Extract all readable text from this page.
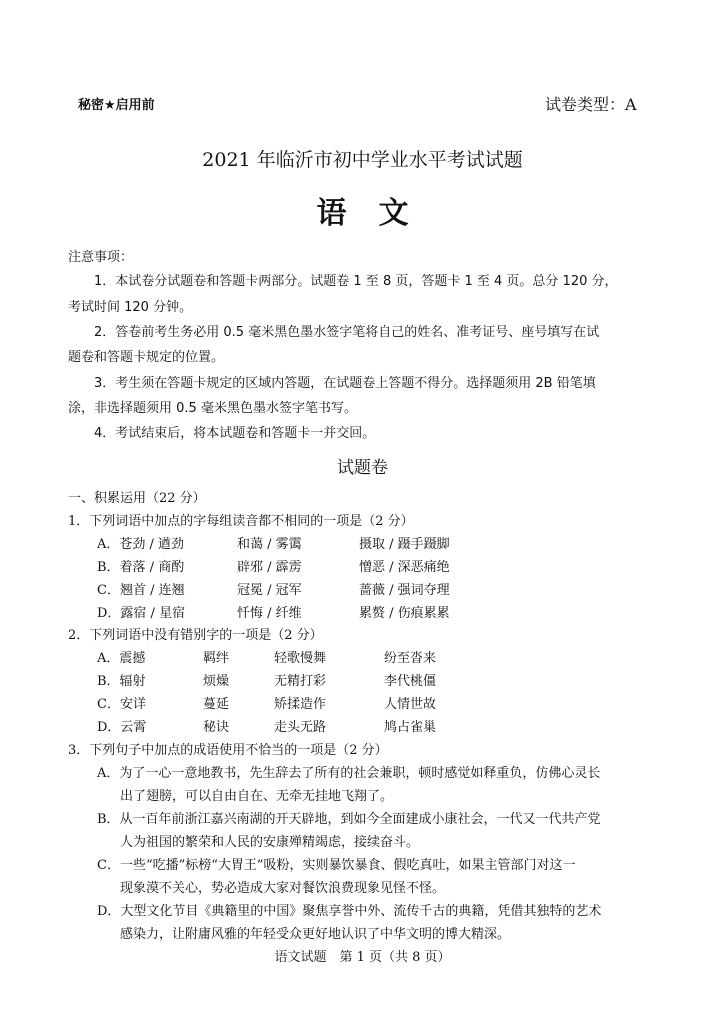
秘密★启用前	试卷类型：A
2021 年临沂市初中学业水平考试试题
语文
注意事项：
1．本试卷分试题卷和答题卡两部分。试题卷 1 至 8 页，答题卡 1 至 4 页。总分 120 分，
考试时间 120 分钟。
2．答卷前考生务必用 0.5 毫米黑色墨水签字笔将自己的姓名、准考证号、座号填写在试
题卷和答题卡规定的位置。
3．考生须在答题卡规定的区域内答题，在试题卷上答题不得分。选择题须用 2B 铅笔填
涂，非选择题须用 0.5 毫米黑色墨水签字笔书写。
4．考试结束后，将本试题卷和答题卡一并交回。
试题卷
一、积累运用（22 分）
1．下列词语中加点的字每组读音都不相同的一项是（2 分）
A．苍劲 / 遒劲	和蔼 / 雾霭	摄取 / 蹑手蹑脚
B．着落 / 商酌	辟邪 / 霹雳	憎恶 / 深恶痛绝
C．翘首 / 连翘	冠冕 / 冠军	蔷薇 / 强词夺理
D．露宿 / 星宿	忏悔 / 纤维	累赘 / 伤痕累累
2．下列词语中没有错别字的一项是（2 分）
A．震撼	羁绊	轻歌慢舞	纷至沓来
B．辐射	烦燥	无精打彩	李代桃僵
C．安详	蔓延	矫揉造作	人情世故
D．云霄	秘诀	走头无路	鸠占雀巢
3．下列句子中加点的成语使用不恰当的一项是（2 分）
A．为了一心一意地教书，先生辞去了所有的社会兼职，顿时感觉如释重负，仿佛心灵长
出了翅膀，可以自由自在、无牵无挂地飞翔了。
B．从一百年前浙江嘉兴南湖的开天辟地，到如今全面建成小康社会，一代又一代共产党
人为祖国的繁荣和人民的安康殚精竭虑，接续奋斗。
C．一些“吃播”标榜“大胃王”吸粉，实则暴饮暴食、假吃真吐，如果主管部门对这一
现象漠不关心，势必造成大家对餐饮浪费现象见怪不怪。
D．大型文化节目《典籍里的中国》聚焦享誉中外、流传千古的典籍，凭借其独特的艺术
感染力，让附庸风雅的年轻受众更好地认识了中华文明的博大精深。
语文试题　第 1 页（共 8 页）
